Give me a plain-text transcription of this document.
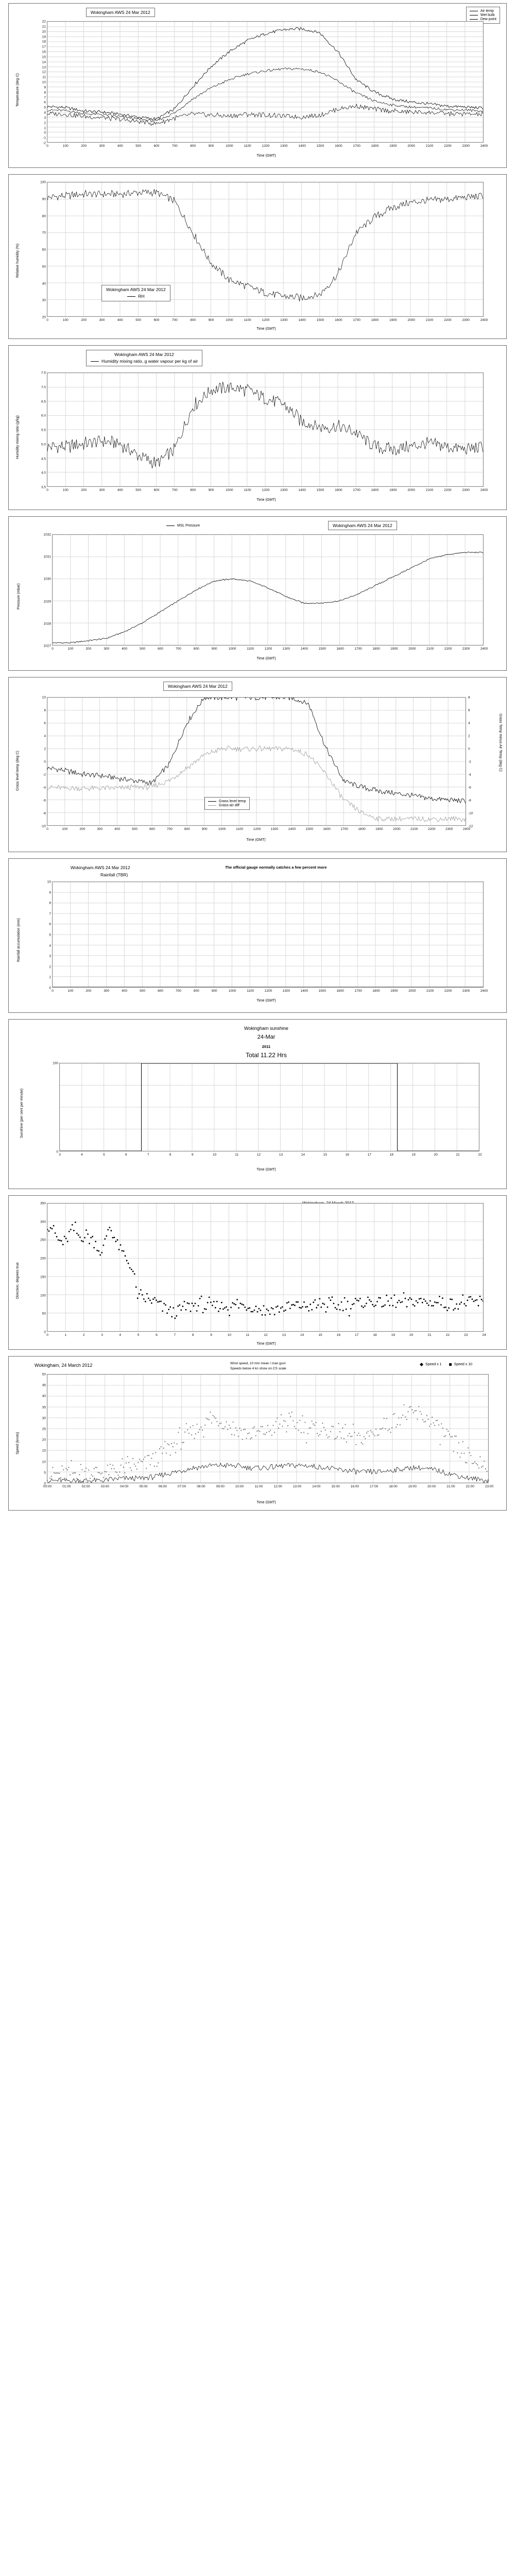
Wokingham AWS 24 Mar 2012	Air temp
Wet bulb
Dew point
0	100	200	300	400	500	600	700	800	900	1000	1100	1200	1300	1400	1500	1600	1700	1800	1900	2000	2100	2200	2300	2400
-2
-1
0
1
2
3
4
5
6
7
8
9
10
11
12
13
14
15
16
17
18
19
20
21
22
Temperature (deg C)
Time (GMT)
0	100	200	300	400	500	600	700	800	900	1000	1100	1200	1300	1400	1500	1600	1700	1800	1900	2000	2100	2200	2300	2400
20
30
40
50
60
70
80
90
100
Wokingham AWS 24 Mar 2012
RH
Relative humidity (%)
Time (GMT)
Wokingham AWS 24 Mar 2012
Humidity mixing ratio, g water vapour per kg of air
0	100	200	300	400	500	600	700	800	900	1000	1100	1200	1300	1400	1500	1600	1700	1800	1900	2000	2100	2200	2300	2400
3.5
4.0
4.5
5.0
5.5
6.0
6.5
7.0
7.5
Humidity mixing ratio (g/kg)
Time (GMT)
MSL Pressure	Wokingham AWS 24 Mar 2012
0	100	200	300	400	500	600	700	800	900	1000	1100	1200	1300	1400	1500	1600	1700	1800	1900	2000	2100	2200	2300	2400
1027
1028
1029
1030
1031
1032
Pressure (mbar)
Time (GMT)
Wokingham AWS 24 Mar 2012
0	100	200	300	400	500	600	700	800	900	1000	1100	1200	1300	1400	1500	1600	1700	1800	1900	2000	2100	2200	2300	2400
-10
-8
-6
-4
-2
0
2
4
6
8
10
-12
-10
-8
-6
-4
-2
0
2
4
6
8
Grass level temp
Grass-air diff
Grass level temp (deg C)	Grass Temp minus Air Temp (deg C)
Time (GMT)
Wokingham AWS 24 Mar 2012
Rainfall (TBR)
The official gauge normally catches a few percent more
0	100	200	300	400	500	600	700	800	900	1000	1100	1200	1300	1400	1500	1600	1700	1800	1900	2000	2100	2200	2300	2400
0
1
2
3
4
5
6
7
8
9
10
Rainfall accumulation (mm)
Time (GMT)
Wokingham sunshine
24-Mar
2011
Total 11.22 Hrs
3	4	5	6	7	8	9	10	11	12	13	14	15	16	17	18	19	20	21	22
0
100
Sunshine (per cent per minute)
Time (GMT)
0	1	2	3	4	5	6	7	8	9	10	11	12	13	14	15	16	17	18	19	20	21	22	23	24
0
50
100
150
200
250
300
350
Direction, degrees true
Time (GMT)
Wokingham, 24 March 2012	Wind speed, 10 min mean / max gust
Speeds below 4 kn show on CS scale
Speed x 1	Speed x 10
00:00	01:00	02:00	03:00	04:00	05:00	06:00	07:00	08:00	09:00	10:00	11:00	12:00	13:00	14:00	15:00	16:00	17:00	18:00	19:00	20:00	21:00	22:00	23:00
0
5
10
15
20
25
30
35
40
45
50
Speed (knots)
Time (GMT)
